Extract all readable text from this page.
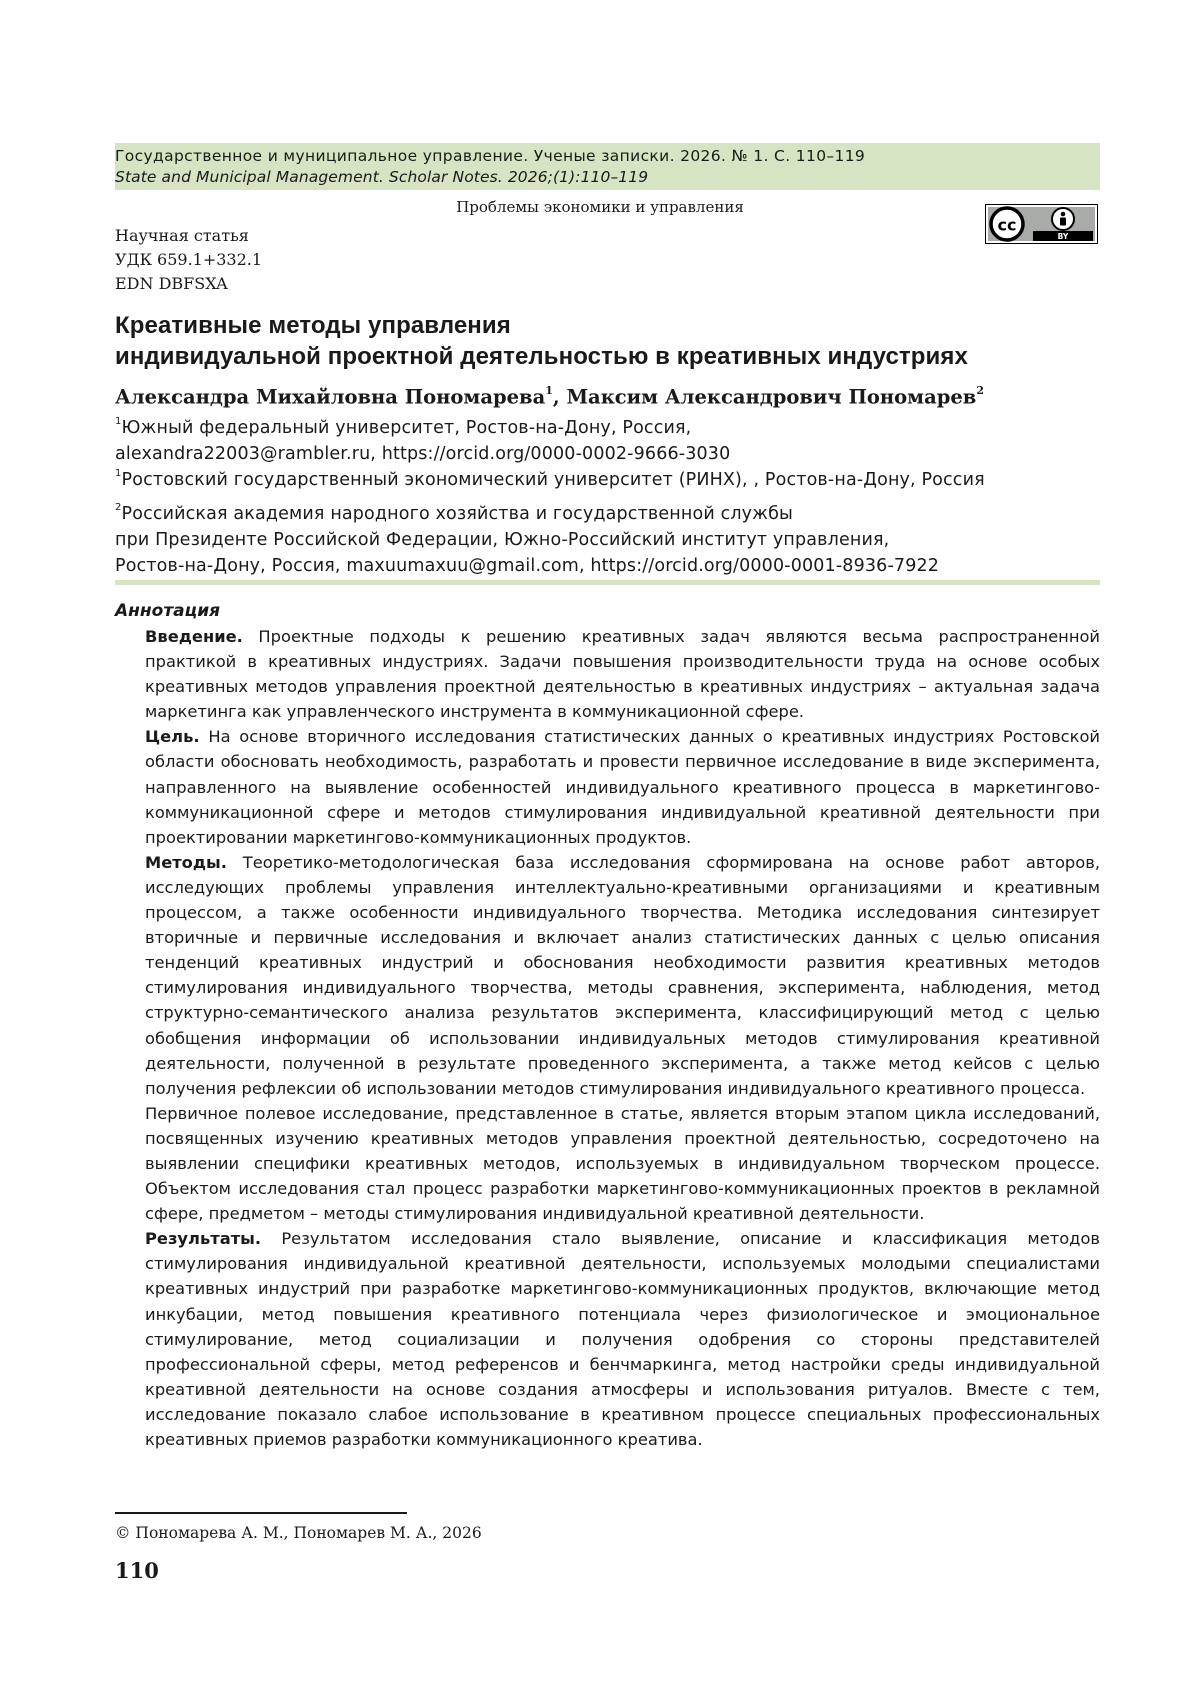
Государственное и муниципальное управление. Ученые записки. 2026. № 1. С. 110–119
State and Municipal Management. Scholar Notes. 2026;(1):110–119
Проблемы экономики и управления
cc
BY
Научная статья
УДК 659.1+332.1
EDN DBFSXA
Креативные методы управления
индивидуальной проектной деятельностью в креативных индустриях
Александра Михайловна Пономарева$^1$, Максим Александрович Пономарев$^2$
$^1$Южный федеральный университет, Ростов-на-Дону, Россия,
alexandra22003@rambler.ru, https://orcid.org/0000-0002-9666-3030
$^1$Ростовский государственный экономический университет (РИНХ), , Ростов-на-Дону, Россия
$^2$Российская академия народного хозяйства и государственной службы
при Президенте Российской Федерации, Южно-Российский институт управления,
Ростов-на-Дону, Россия, maxuumaxuu@gmail.com, https://orcid.org/0000-0001-8936-7922
Аннотация

Введение. Проектные подходы к решению креативных задач являются весьма распространенной практикой в креативных индустриях. Задачи повышения производительности труда на основе особых креативных методов управления проектной деятельностью в креативных индустриях – актуальная задача маркетинга как управленческого инструмента в коммуникационной сфере.

Цель. На основе вторичного исследования статистических данных о креативных индустриях Ростовской области обосновать необходимость, разработать и провести первичное исследование в виде эксперимента, направленного на выявление особенностей индивидуального креативного процесса в маркетингово-коммуникационной сфере и методов стимулирования индивидуальной креативной деятельности при проектировании маркетингово-коммуникационных продуктов.

Методы. Теоретико-методологическая база исследования сформирована на основе работ авторов, исследующих проблемы управления интеллектуально-креативными организациями и креативным процессом, а также особенности индивидуального творчества. Методика исследования синтезирует вторичные и первичные исследования и включает анализ статистических данных с целью описания тенденций креативных индустрий и обоснования необходимости развития креативных методов стимулирования индивидуального творчества, методы сравнения, эксперимента, наблюдения, метод структурно-семантического анализа результатов эксперимента, классифицирующий метод с целью обобщения информации об использовании индивидуальных методов стимулирования креативной деятельности, полученной в результате проведенного эксперимента, а также метод кейсов с целью получения рефлексии об использовании методов стимулирования индивидуального креативного процесса.

Первичное полевое исследование, представленное в статье, является вторым этапом цикла исследований, посвященных изучению креативных методов управления проектной деятельностью, сосредоточено на выявлении специфики креативных методов, используемых в индивидуальном творческом процессе. Объектом исследования стал процесс разработки маркетингово-коммуникационных проектов в рекламной сфере, предметом – методы стимулирования индивидуальной креативной деятельности.

Результаты. Результатом исследования стало выявление, описание и классификация методов стимулирования индивидуальной креативной деятельности, используемых молодыми специалистами креативных индустрий при разработке маркетингово-коммуникационных продуктов, включающие метод инкубации, метод повышения креативного потенциала через физиологическое и эмоциональное стимулирование, метод социализации и получения одобрения со стороны представителей профессиональной сферы, метод референсов и бенчмаркинга, метод настройки среды индивидуальной креативной деятельности на основе создания атмосферы и использования ритуалов. Вместе с тем, исследование показало слабое использование в креативном процессе специальных профессиональных креативных приемов разработки коммуникационного креатива.

© Пономарева А. М., Пономарев М. А., 2026
110
